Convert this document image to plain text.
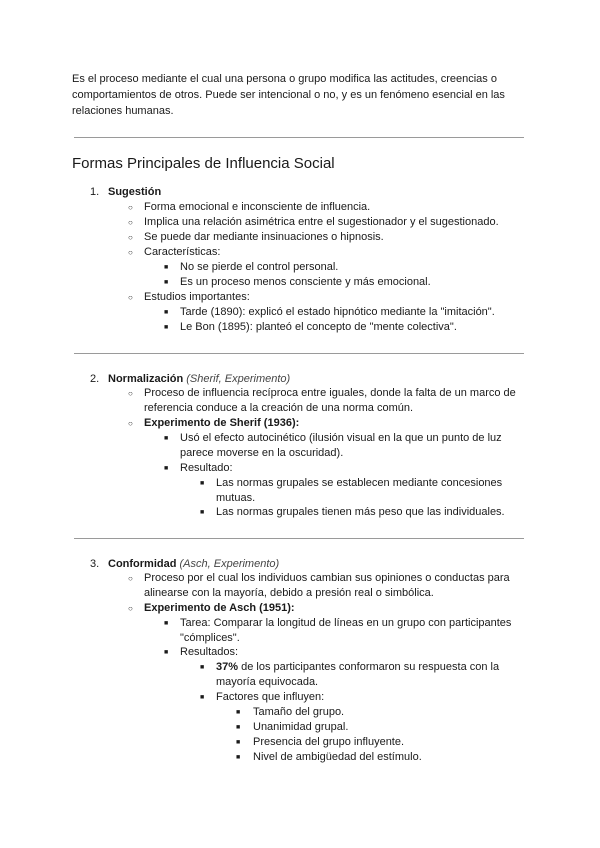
Es el proceso mediante el cual una persona o grupo modifica las actitudes, creencias o comportamientos de otros. Puede ser intencional o no, y es un fenómeno esencial en las relaciones humanas.

Formas Principales de Influencia Social
1. Sugestión
○ Forma emocional e inconsciente de influencia.
○ Implica una relación asimétrica entre el sugestionador y el sugestionado.
○ Se puede dar mediante insinuaciones o hipnosis.
○ Características:
■ No se pierde el control personal.
■ Es un proceso menos consciente y más emocional.
○ Estudios importantes:
■ Tarde (1890): explicó el estado hipnótico mediante la "imitación".
■ Le Bon (1895): planteó el concepto de "mente colectiva".
2. Normalización (Sherif, Experimento)
○ Proceso de influencia recíproca entre iguales, donde la falta de un marco de referencia conduce a la creación de una norma común.
○ Experimento de Sherif (1936):
■ Usó el efecto autocinético (ilusión visual en la que un punto de luz parece moverse en la oscuridad).
■ Resultado:
■ Las normas grupales se establecen mediante concesiones mutuas.
■ Las normas grupales tienen más peso que las individuales.
3. Conformidad (Asch, Experimento)
○ Proceso por el cual los individuos cambian sus opiniones o conductas para alinearse con la mayoría, debido a presión real o simbólica.
○ Experimento de Asch (1951):
■ Tarea: Comparar la longitud de líneas en un grupo con participantes "cómplices".
■ Resultados:
■ 37% de los participantes conformaron su respuesta con la mayoría equivocada.
■ Factores que influyen:
■ Tamaño del grupo.
■ Unanimidad grupal.
■ Presencia del grupo influyente.
■ Nivel de ambigüedad del estímulo.
